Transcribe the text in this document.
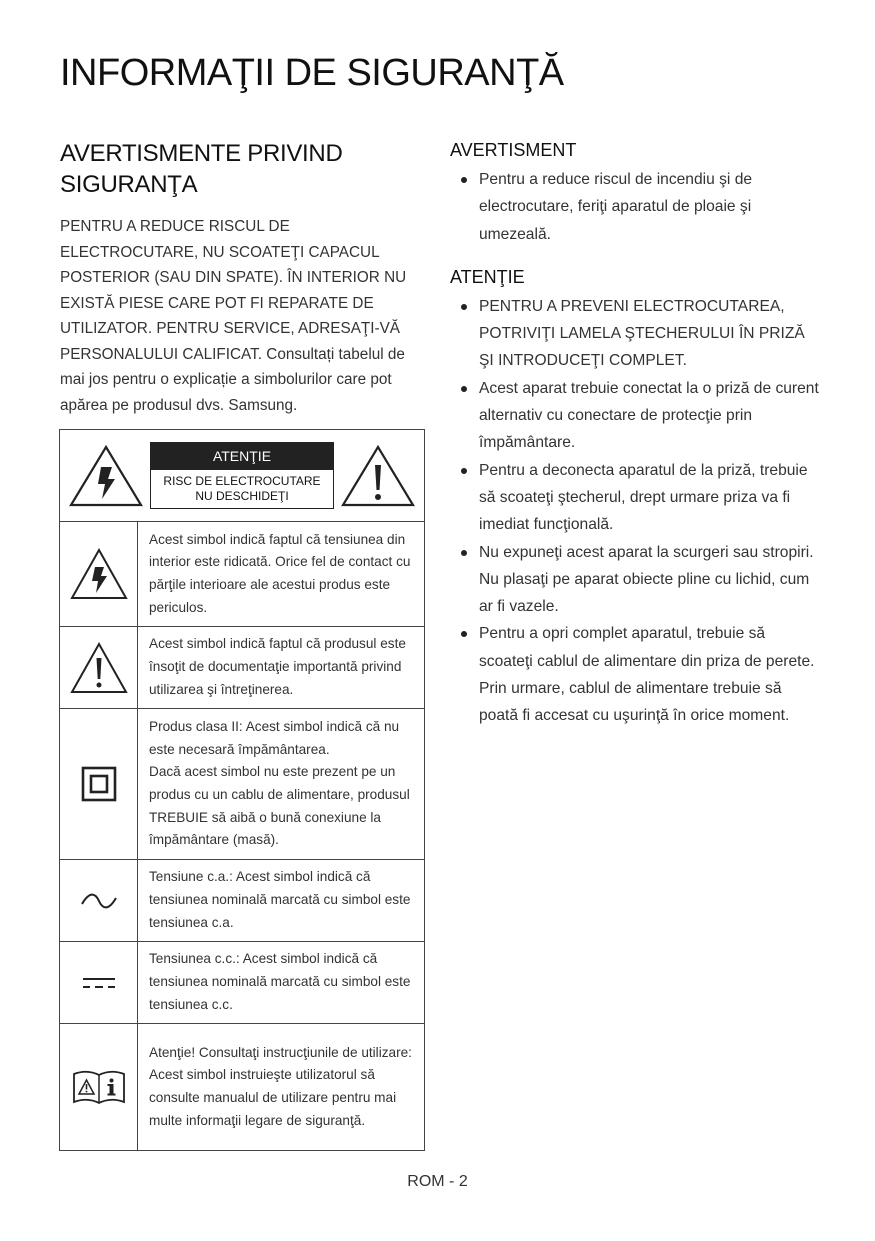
INFORMAŢII DE SIGURANŢĂ
AVERTISMENTE PRIVIND
SIGURANŢA

PENTRU A REDUCE RISCUL DE ELECTROCUTARE, NU SCOATEŢI CAPACUL POSTERIOR (SAU DIN SPATE). ÎN INTERIOR NU EXISTĂ PIESE CARE POT FI REPARATE DE UTILIZATOR. PENTRU SERVICE, ADRESAŢI-VĂ PERSONALULUI CALIFICAT. Consultați tabelul de mai jos pentru o explicație a simbolurilor care pot apărea pe produsul dvs. Samsung.

ATENŢIE
RISC DE ELECTROCUTARE
NU DESCHIDEŢI	

Acest simbol indică faptul că tensiunea din interior este ridicată. Orice fel de contact cu părţile interioare ale acestui produs este periculos.

Acest simbol indică faptul că produsul este însoţit de documentaţie importantă privind utilizarea şi întreţinerea.

Produs clasa II: Acest simbol indică că nu este necesară împământarea.

Dacă acest simbol nu este prezent pe un produs cu un cablu de alimentare, produsul TREBUIE să aibă o bună conexiune la împământare (masă).

Tensiune c.a.: Acest simbol indică că tensiunea nominală marcată cu simbol este tensiunea c.a.

Tensiunea c.c.: Acest simbol indică că tensiunea nominală marcată cu simbol este tensiunea c.c.

Atenţie! Consultaţi instrucţiunile de utilizare: Acest simbol instruieşte utilizatorul să consulte manualul de utilizare pentru mai multe informaţii legare de siguranţă.

AVERTISMENT
Pentru a reduce riscul de incendiu şi de electrocutare, feriţi aparatul de ploaie şi umezeală.
ATENŢIE
PENTRU A PREVENI ELECTROCUTAREA, POTRIVIŢI LAMELA ŞTECHERULUI ÎN PRIZĂ ŞI INTRODUCEŢI COMPLET.
Acest aparat trebuie conectat la o priză de curent alternativ cu conectare de protecţie prin împământare.
Pentru a deconecta aparatul de la priză, trebuie să scoateţi ştecherul, drept urmare priza va fi imediat funcţională.
Nu expuneţi acest aparat la scurgeri sau stropiri. Nu plasaţi pe aparat obiecte pline cu lichid, cum ar fi vazele.
Pentru a opri complet aparatul, trebuie să scoateţi cablul de alimentare din priza de perete. Prin urmare, cablul de alimentare trebuie să poată fi accesat cu uşurinţă în orice moment.
ROM - 2
